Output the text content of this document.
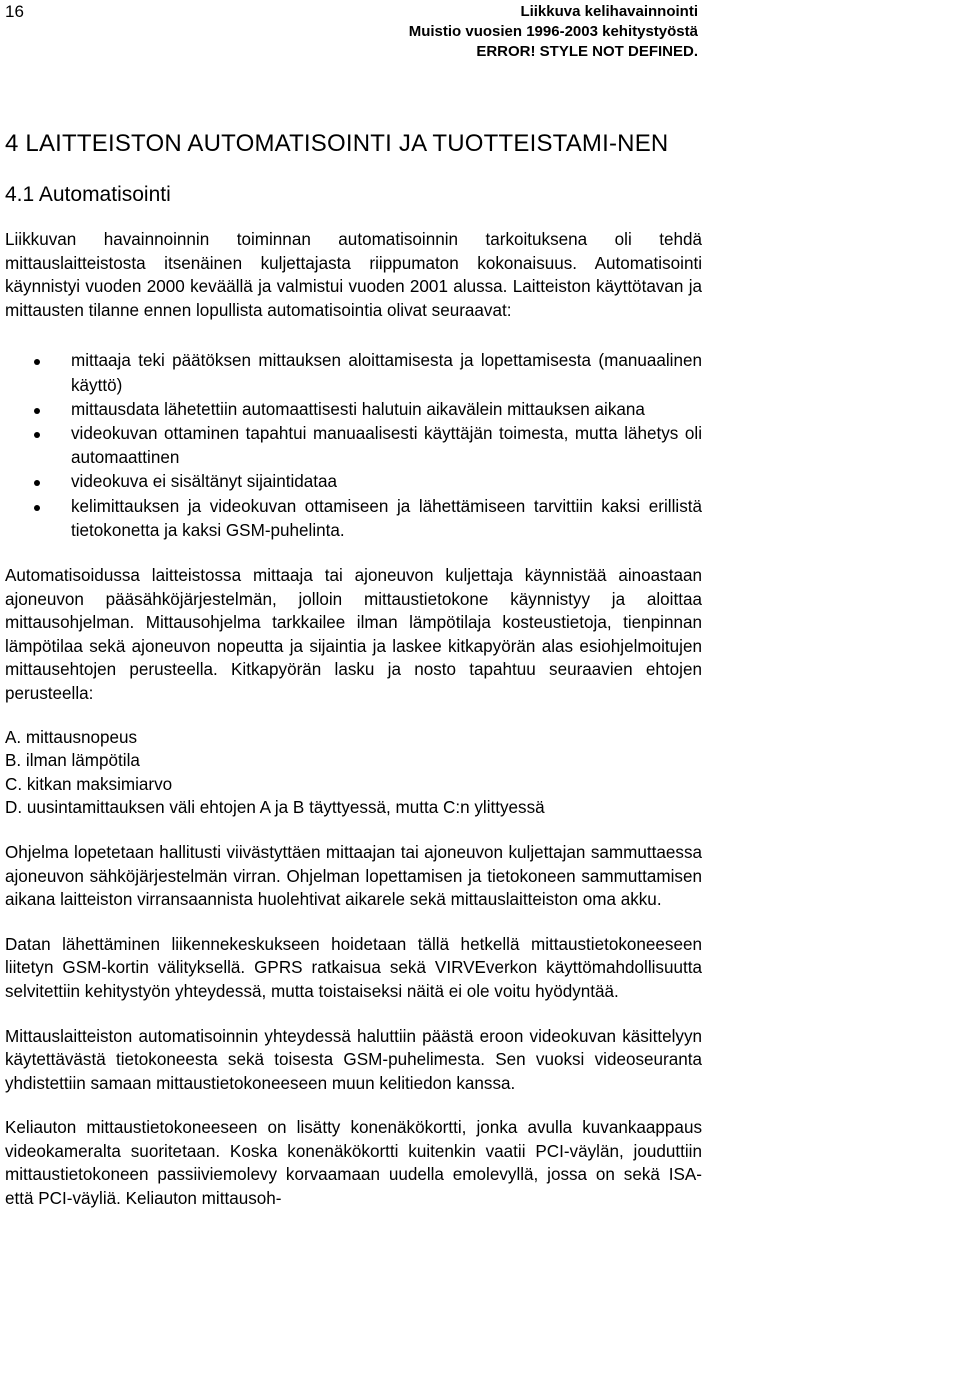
16	Liikkuva kelihavainnointi
Muistio vuosien 1996-2003 kehitystyöstä
ERROR! STYLE NOT DEFINED.
4 LAITTEISTON AUTOMATISOINTI JA TUOTTEISTAMI-NEN
4.1 Automatisointi

Liikkuvan havainnoinnin toiminnan automatisoinnin tarkoituksena oli tehdä mittauslaitteistosta itsenäinen kuljettajasta riippumaton kokonaisuus. Automatisointi käynnistyi vuoden 2000 keväällä ja valmistui vuoden 2001 alussa. Laitteiston käyttötavan ja mittausten tilanne ennen lopullista automatisointia olivat seuraavat:

mittaaja teki päätöksen mittauksen aloittamisesta ja lopettamisesta (manuaalinen käyttö)
mittausdata lähetettiin automaattisesti halutuin aikavälein mittauksen aikana
videokuvan ottaminen tapahtui manuaalisesti käyttäjän toimesta, mutta lähetys oli automaattinen
videokuva ei sisältänyt sijaintidataa
kelimittauksen ja videokuvan ottamiseen ja lähettämiseen tarvittiin kaksi erillistä tietokonetta ja kaksi GSM-puhelinta.

Automatisoidussa laitteistossa mittaaja tai ajoneuvon kuljettaja käynnistää ainoastaan ajoneuvon pääsähköjärjestelmän, jolloin mittaustietokone käynnistyy ja aloittaa mittausohjelman. Mittausohjelma tarkkailee ilman lämpötilaja kosteustietoja, tienpinnan lämpötilaa sekä ajoneuvon nopeutta ja sijaintia ja laskee kitkapyörän alas esiohjelmoitujen mittausehtojen perusteella. Kitkapyörän lasku ja nosto tapahtuu seuraavien ehtojen perusteella:

A. mittausnopeus
B. ilman lämpötila
C. kitkan maksimiarvo
D. uusintamittauksen väli ehtojen A ja B täyttyessä, mutta C:n ylittyessä

Ohjelma lopetetaan hallitusti viivästyttäen mittaajan tai ajoneuvon kuljettajan sammuttaessa ajoneuvon sähköjärjestelmän virran. Ohjelman lopettamisen ja tietokoneen sammuttamisen aikana laitteiston virransaannista huolehtivat aikarele sekä mittauslaitteiston oma akku.

Datan lähettäminen liikennekeskukseen hoidetaan tällä hetkellä mittaustietokoneeseen liitetyn GSM-kortin välityksellä. GPRS ratkaisua sekä VIRVEverkon käyttömahdollisuutta selvitettiin kehitystyön yhteydessä, mutta toistaiseksi näitä ei ole voitu hyödyntää.

Mittauslaitteiston automatisoinnin yhteydessä haluttiin päästä eroon videokuvan käsittelyyn käytettävästä tietokoneesta sekä toisesta GSM-puhelimesta. Sen vuoksi videoseuranta yhdistettiin samaan mittaustietokoneeseen muun kelitiedon kanssa.

Keliauton mittaustietokoneeseen on lisätty konenäkökortti, jonka avulla kuvankaappaus videokameralta suoritetaan. Koska konenäkökortti kuitenkin vaatii PCI-väylän, jouduttiin mittaustietokoneen passiiviemolevy korvaamaan uudella emolevyllä, jossa on sekä ISA- että PCI-väyliä. Keliauton mittausoh-
